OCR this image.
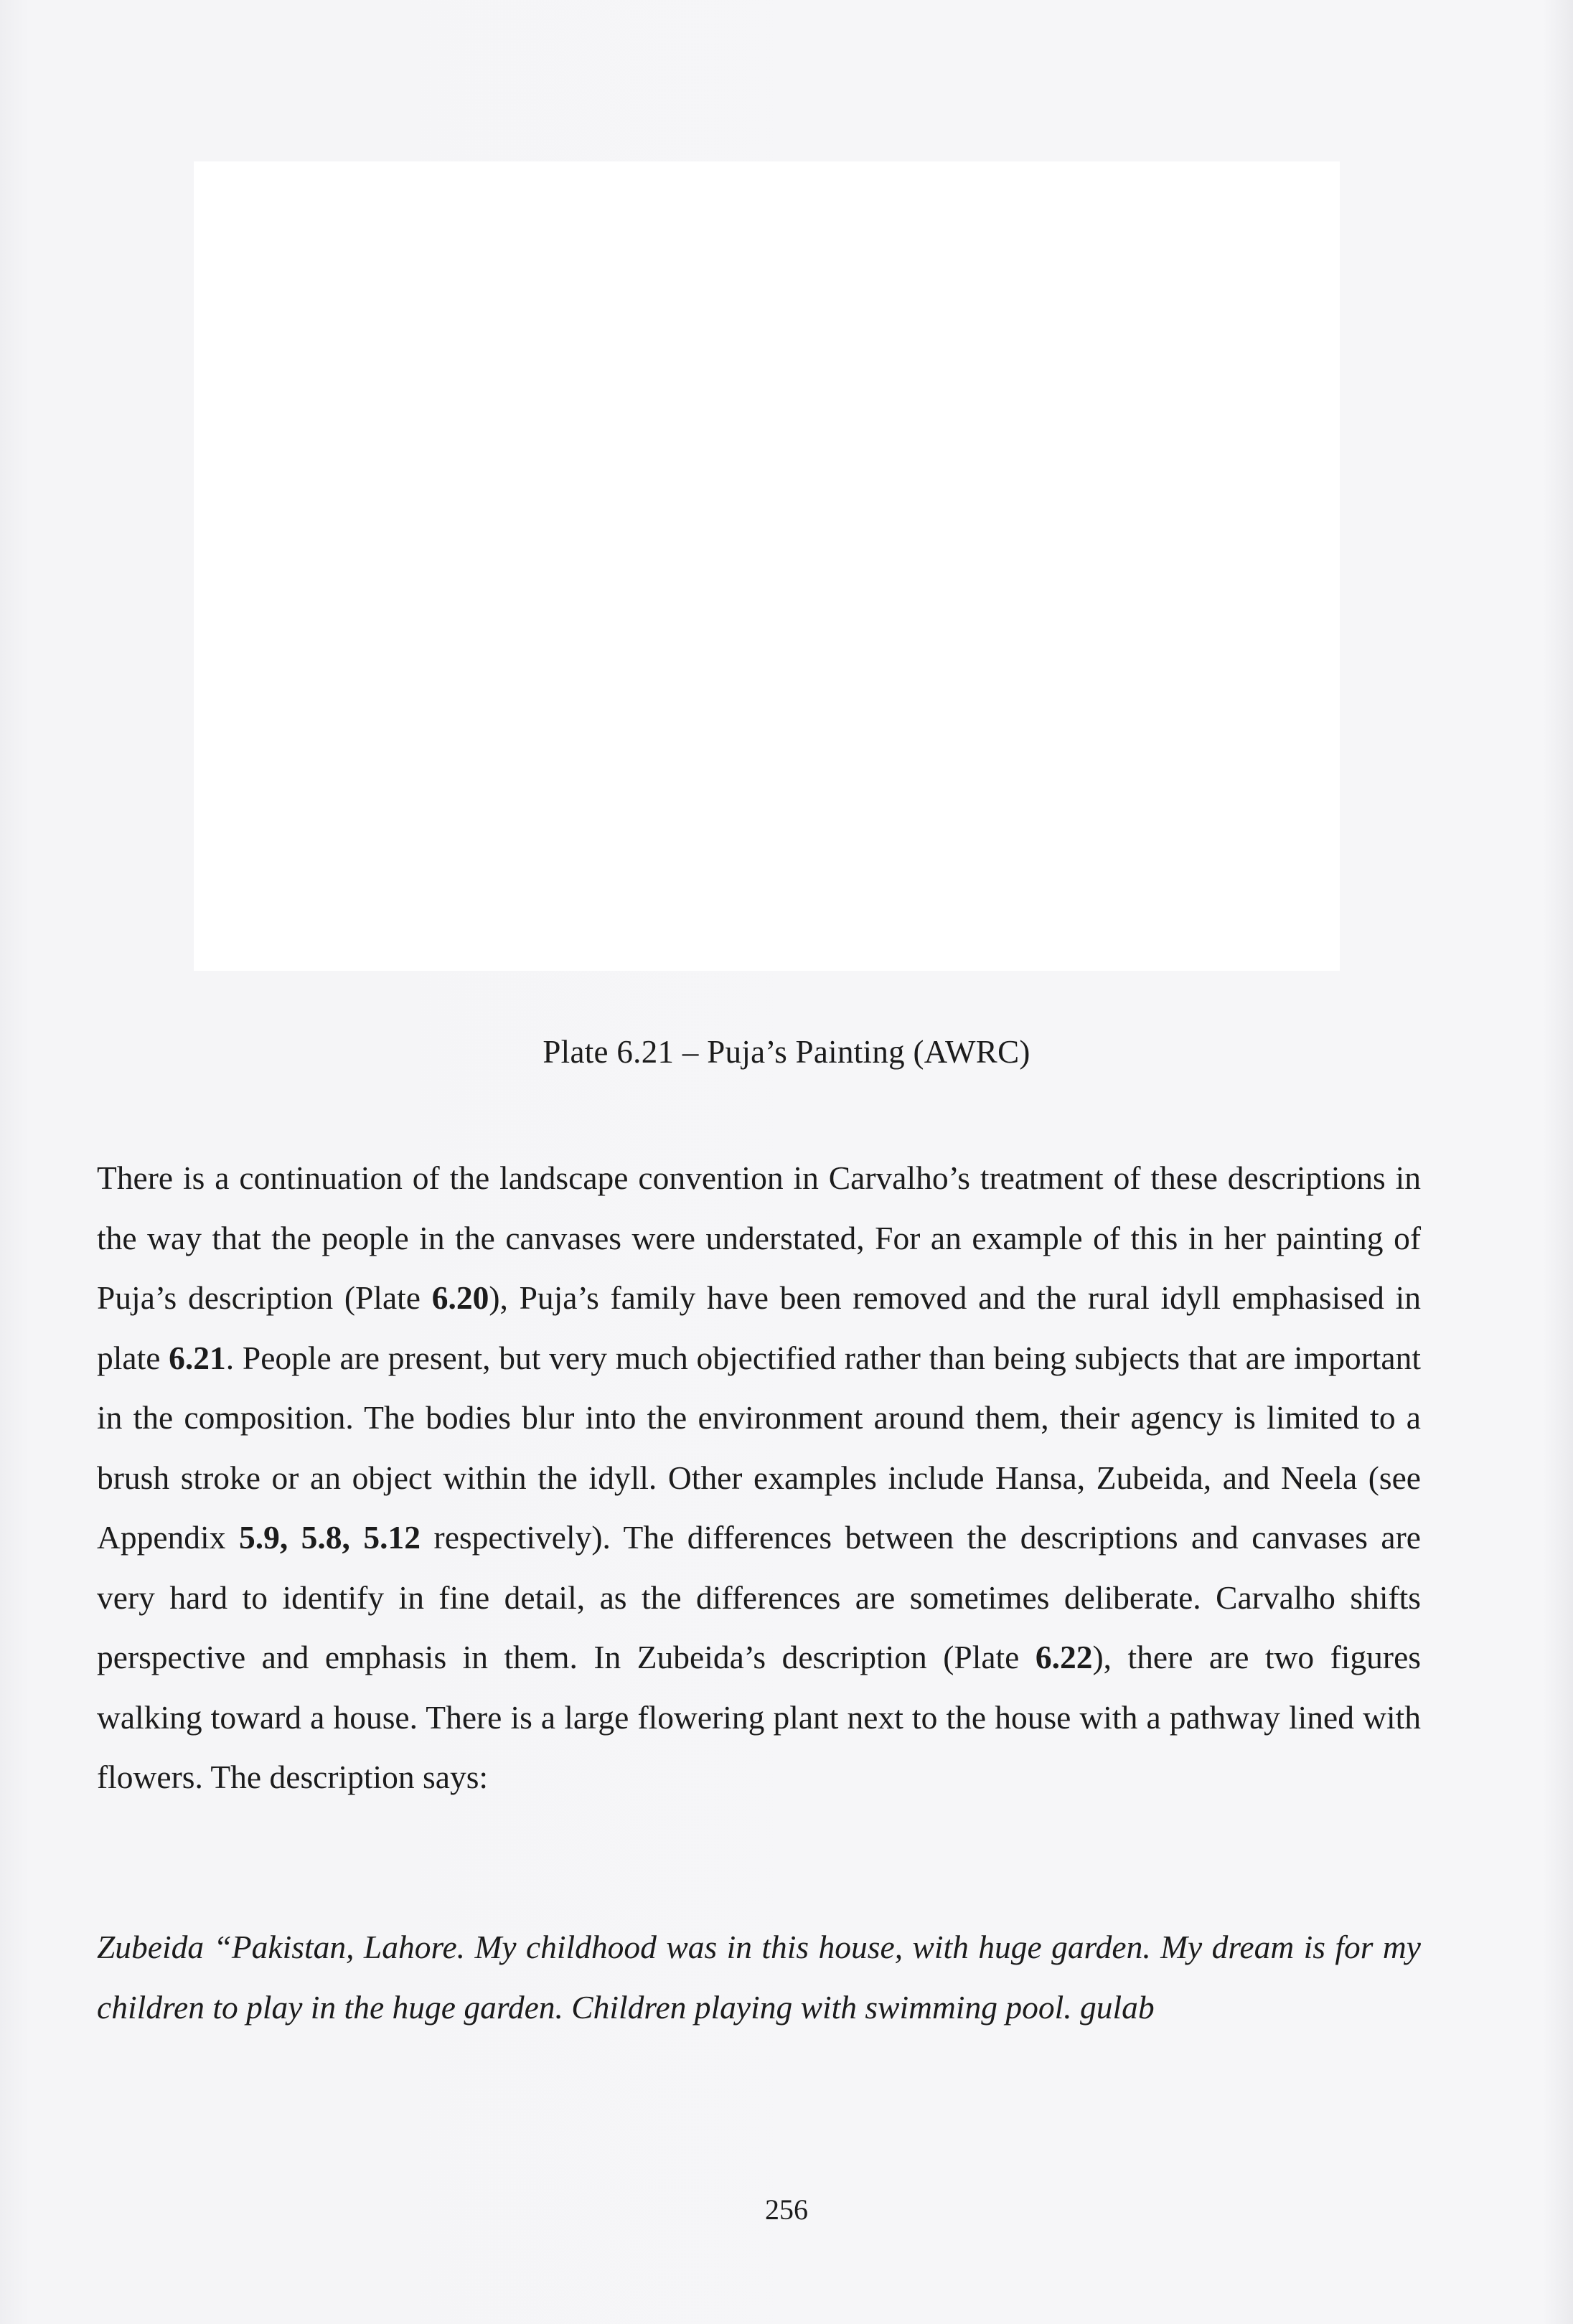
Plate 6.21 – Puja’s Painting (AWRC)

There is a continuation of the landscape convention in Carvalho’s treatment of these descriptions in the way that the people in the canvases were understated, For an example of this in her painting of Puja’s description (Plate 6.20), Puja’s family have been removed and the rural idyll emphasised in plate 6.21. People are present, but very much objectified rather than being subjects that are important in the composition. The bodies blur into the environment around them, their agency is limited to a brush stroke or an object within the idyll. Other examples include Hansa, Zubeida, and Neela (see Appendix 5.9, 5.8, 5.12 respectively). The differences between the descriptions and canvases are very hard to identify in fine detail, as the differences are sometimes deliberate. Carvalho shifts perspective and emphasis in them. In Zubeida’s description (Plate 6.22), there are two figures walking toward a house. There is a large flowering plant next to the house with a pathway lined with flowers. The description says:

Zubeida “Pakistan, Lahore. My childhood was in this house, with huge garden. My dream is for my children to play in the huge garden. Children playing with swimming pool. gulab

256
